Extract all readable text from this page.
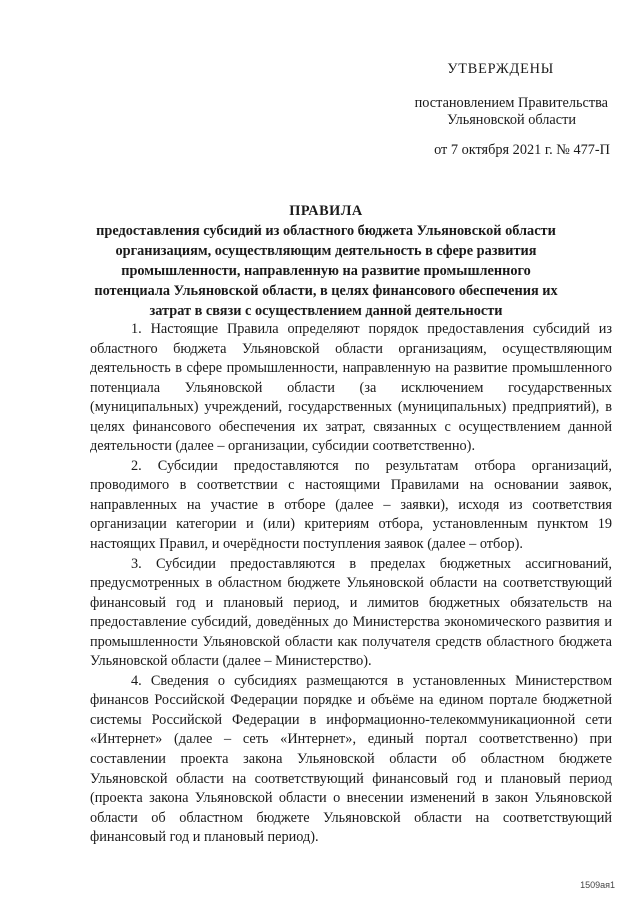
УТВЕРЖДЕНЫ
постановлением Правительства
Ульяновской области
от 7 октября 2021 г. № 477-П
ПРАВИЛА
предоставления субсидий из областного бюджета Ульяновской области организациям, осуществляющим деятельность в сфере развития промышленности, направленную на развитие промышленного потенциала Ульяновской области, в целях финансового обеспечения их затрат в связи с осуществлением данной деятельности

1. Настоящие Правила определяют порядок предоставления субсидий из областного бюджета Ульяновской области организациям, осуществляющим деятельность в сфере промышленности, направленную на развитие промышленного потенциала Ульяновской области (за исключением государственных (муниципальных) учреждений, государственных (муниципальных) предприятий), в целях финансового обеспечения их затрат, связанных с осуществлением данной деятельности (далее – организации, субсидии соответственно).

2. Субсидии предоставляются по результатам отбора организаций, проводимого в соответствии с настоящими Правилами на основании заявок, направленных на участие в отборе (далее – заявки), исходя из соответствия организации категории и (или) критериям отбора, установленным пунктом 19 настоящих Правил, и очерёдности поступления заявок (далее – отбор).

3. Субсидии предоставляются в пределах бюджетных ассигнований, предусмотренных в областном бюджете Ульяновской области на соответствующий финансовый год и плановый период, и лимитов бюджетных обязательств на предоставление субсидий, доведённых до Министерства экономического развития и промышленности Ульяновской области как получателя средств областного бюджета Ульяновской области (далее – Министерство).

4. Сведения о субсидиях размещаются в установленных Министерством финансов Российской Федерации порядке и объёме на едином портале бюджетной системы Российской Федерации в информационно-телекоммуникационной сети «Интернет» (далее – сеть «Интернет», единый портал соответственно) при составлении проекта закона Ульяновской области об областном бюджете Ульяновской области на соответствующий финансовый год и плановый период (проекта закона Ульяновской области о внесении изменений в закон Ульяновской области об областном бюджете Ульяновской области на соответствующий финансовый год и плановый период).

1509ая1
